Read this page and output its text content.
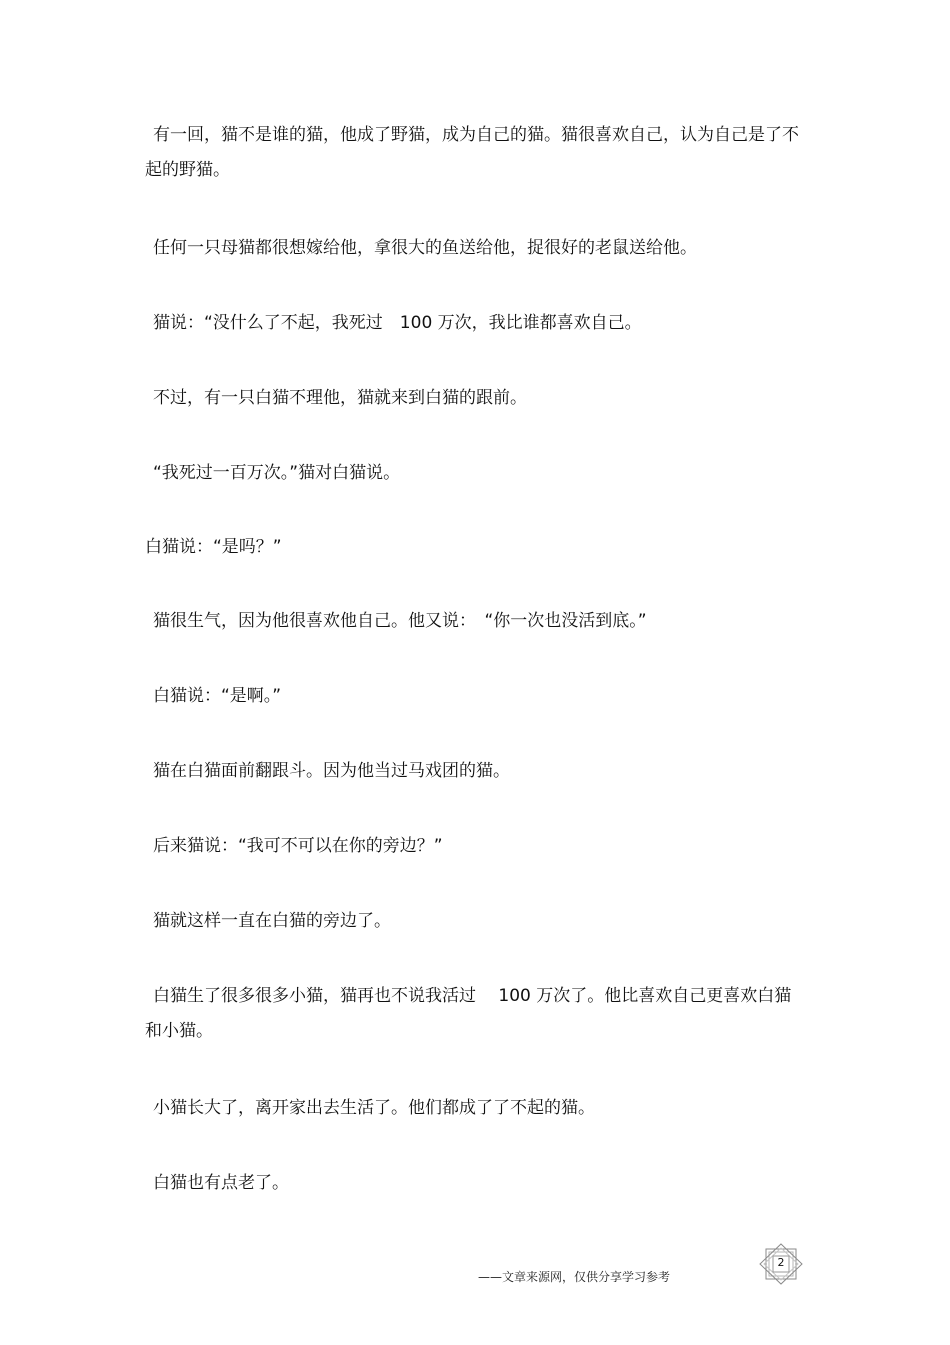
有一回，猫不是谁的猫，他成了野猫，成为自己的猫。猫很喜欢自己，认为自己是了不起的野猫。

任何一只母猫都很想嫁给他，拿很大的鱼送给他，捉很好的老鼠送给他。

猫说：“没什么了不起，我死过　100 万次，我比谁都喜欢自己。

不过，有一只白猫不理他，猫就来到白猫的跟前。

“我死过一百万次。”猫对白猫说。

白猫说：“是吗？”

猫很生气，因为他很喜欢他自己。他又说：　“你一次也没活到底。”

白猫说：“是啊。”

猫在白猫面前翻跟斗。因为他当过马戏团的猫。

后来猫说：“我可不可以在你的旁边？”

猫就这样一直在白猫的旁边了。

白猫生了很多很多小猫，猫再也不说我活过　 100 万次了。他比喜欢自己更喜欢白猫和小猫。

小猫长大了，离开家出去生活了。他们都成了了不起的猫。

白猫也有点老了。

——文章来源网，仅供分享学习参考
2
